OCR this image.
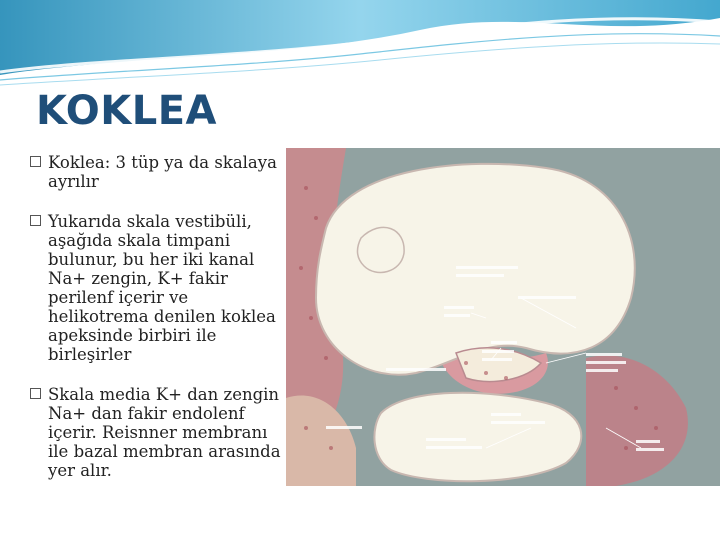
KOKLEA
Koklea: 3 tüp ya da skalaya ayrılır
Yukarıda skala vestibüli, aşağıda skala timpani bulunur, bu her iki kanal Na+ zengin, K+ fakir perilenf içerir ve helikotrema denilen koklea apeksinde birbiri ile birleşirler
Skala media K+ dan zengin Na+ dan fakir endolenf içerir. Reisnner membranı ile bazal membran arasında yer alır.
